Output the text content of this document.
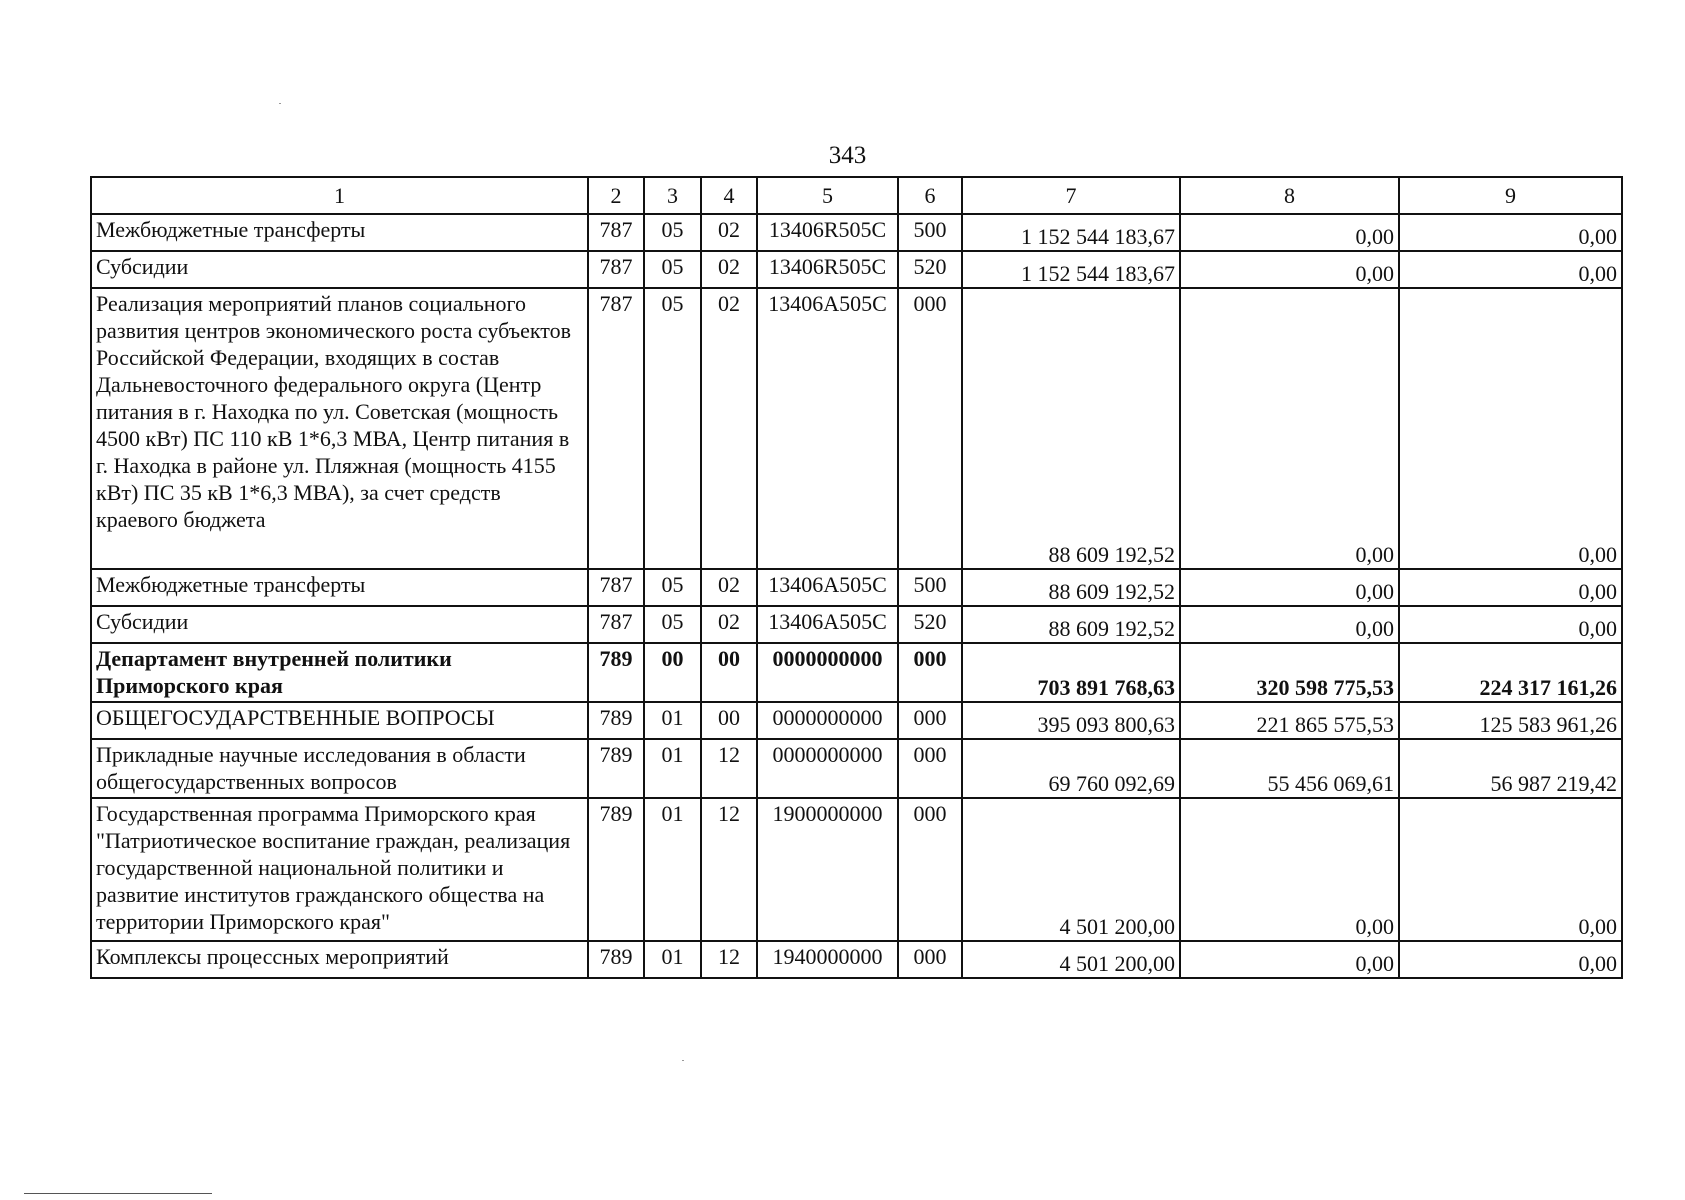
343
1	2	3	4	5	6	7	8	9
Межбюджетные трансферты	787	05	02	13406R505C	500	1 152 544 183,67	0,00	0,00
Субсидии	787	05	02	13406R505C	520	1 152 544 183,67	0,00	0,00
Реализация мероприятий планов социального развития центров экономического роста субъектов Российской Федерации, входящих в состав Дальневосточного федерального округа (Центр питания в г. Находка по ул. Советская (мощность 4500 кВт) ПС 110 кВ 1*6,3 МВА, Центр питания в г. Находка в районе ул. Пляжная (мощность 4155 кВт) ПС 35 кВ 1*6,3 МВА), за счет средств краевого бюджета	787	05	02	13406A505C	000	88 609 192,52	0,00	0,00
Межбюджетные трансферты	787	05	02	13406A505C	500	88 609 192,52	0,00	0,00
Субсидии	787	05	02	13406A505C	520	88 609 192,52	0,00	0,00
Департамент внутренней политики Приморского края	789	00	00	0000000000	000	703 891 768,63	320 598 775,53	224 317 161,26
ОБЩЕГОСУДАРСТВЕННЫЕ ВОПРОСЫ	789	01	00	0000000000	000	395 093 800,63	221 865 575,53	125 583 961,26
Прикладные научные исследования в области общегосударственных вопросов	789	01	12	0000000000	000	69 760 092,69	55 456 069,61	56 987 219,42
Государственная программа Приморского края "Патриотическое воспитание граждан, реализация государственной национальной политики и развитие институтов гражданского общества на территории Приморского края"	789	01	12	1900000000	000	4 501 200,00	0,00	0,00
Комплексы процессных мероприятий	789	01	12	1940000000	000	4 501 200,00	0,00	0,00
